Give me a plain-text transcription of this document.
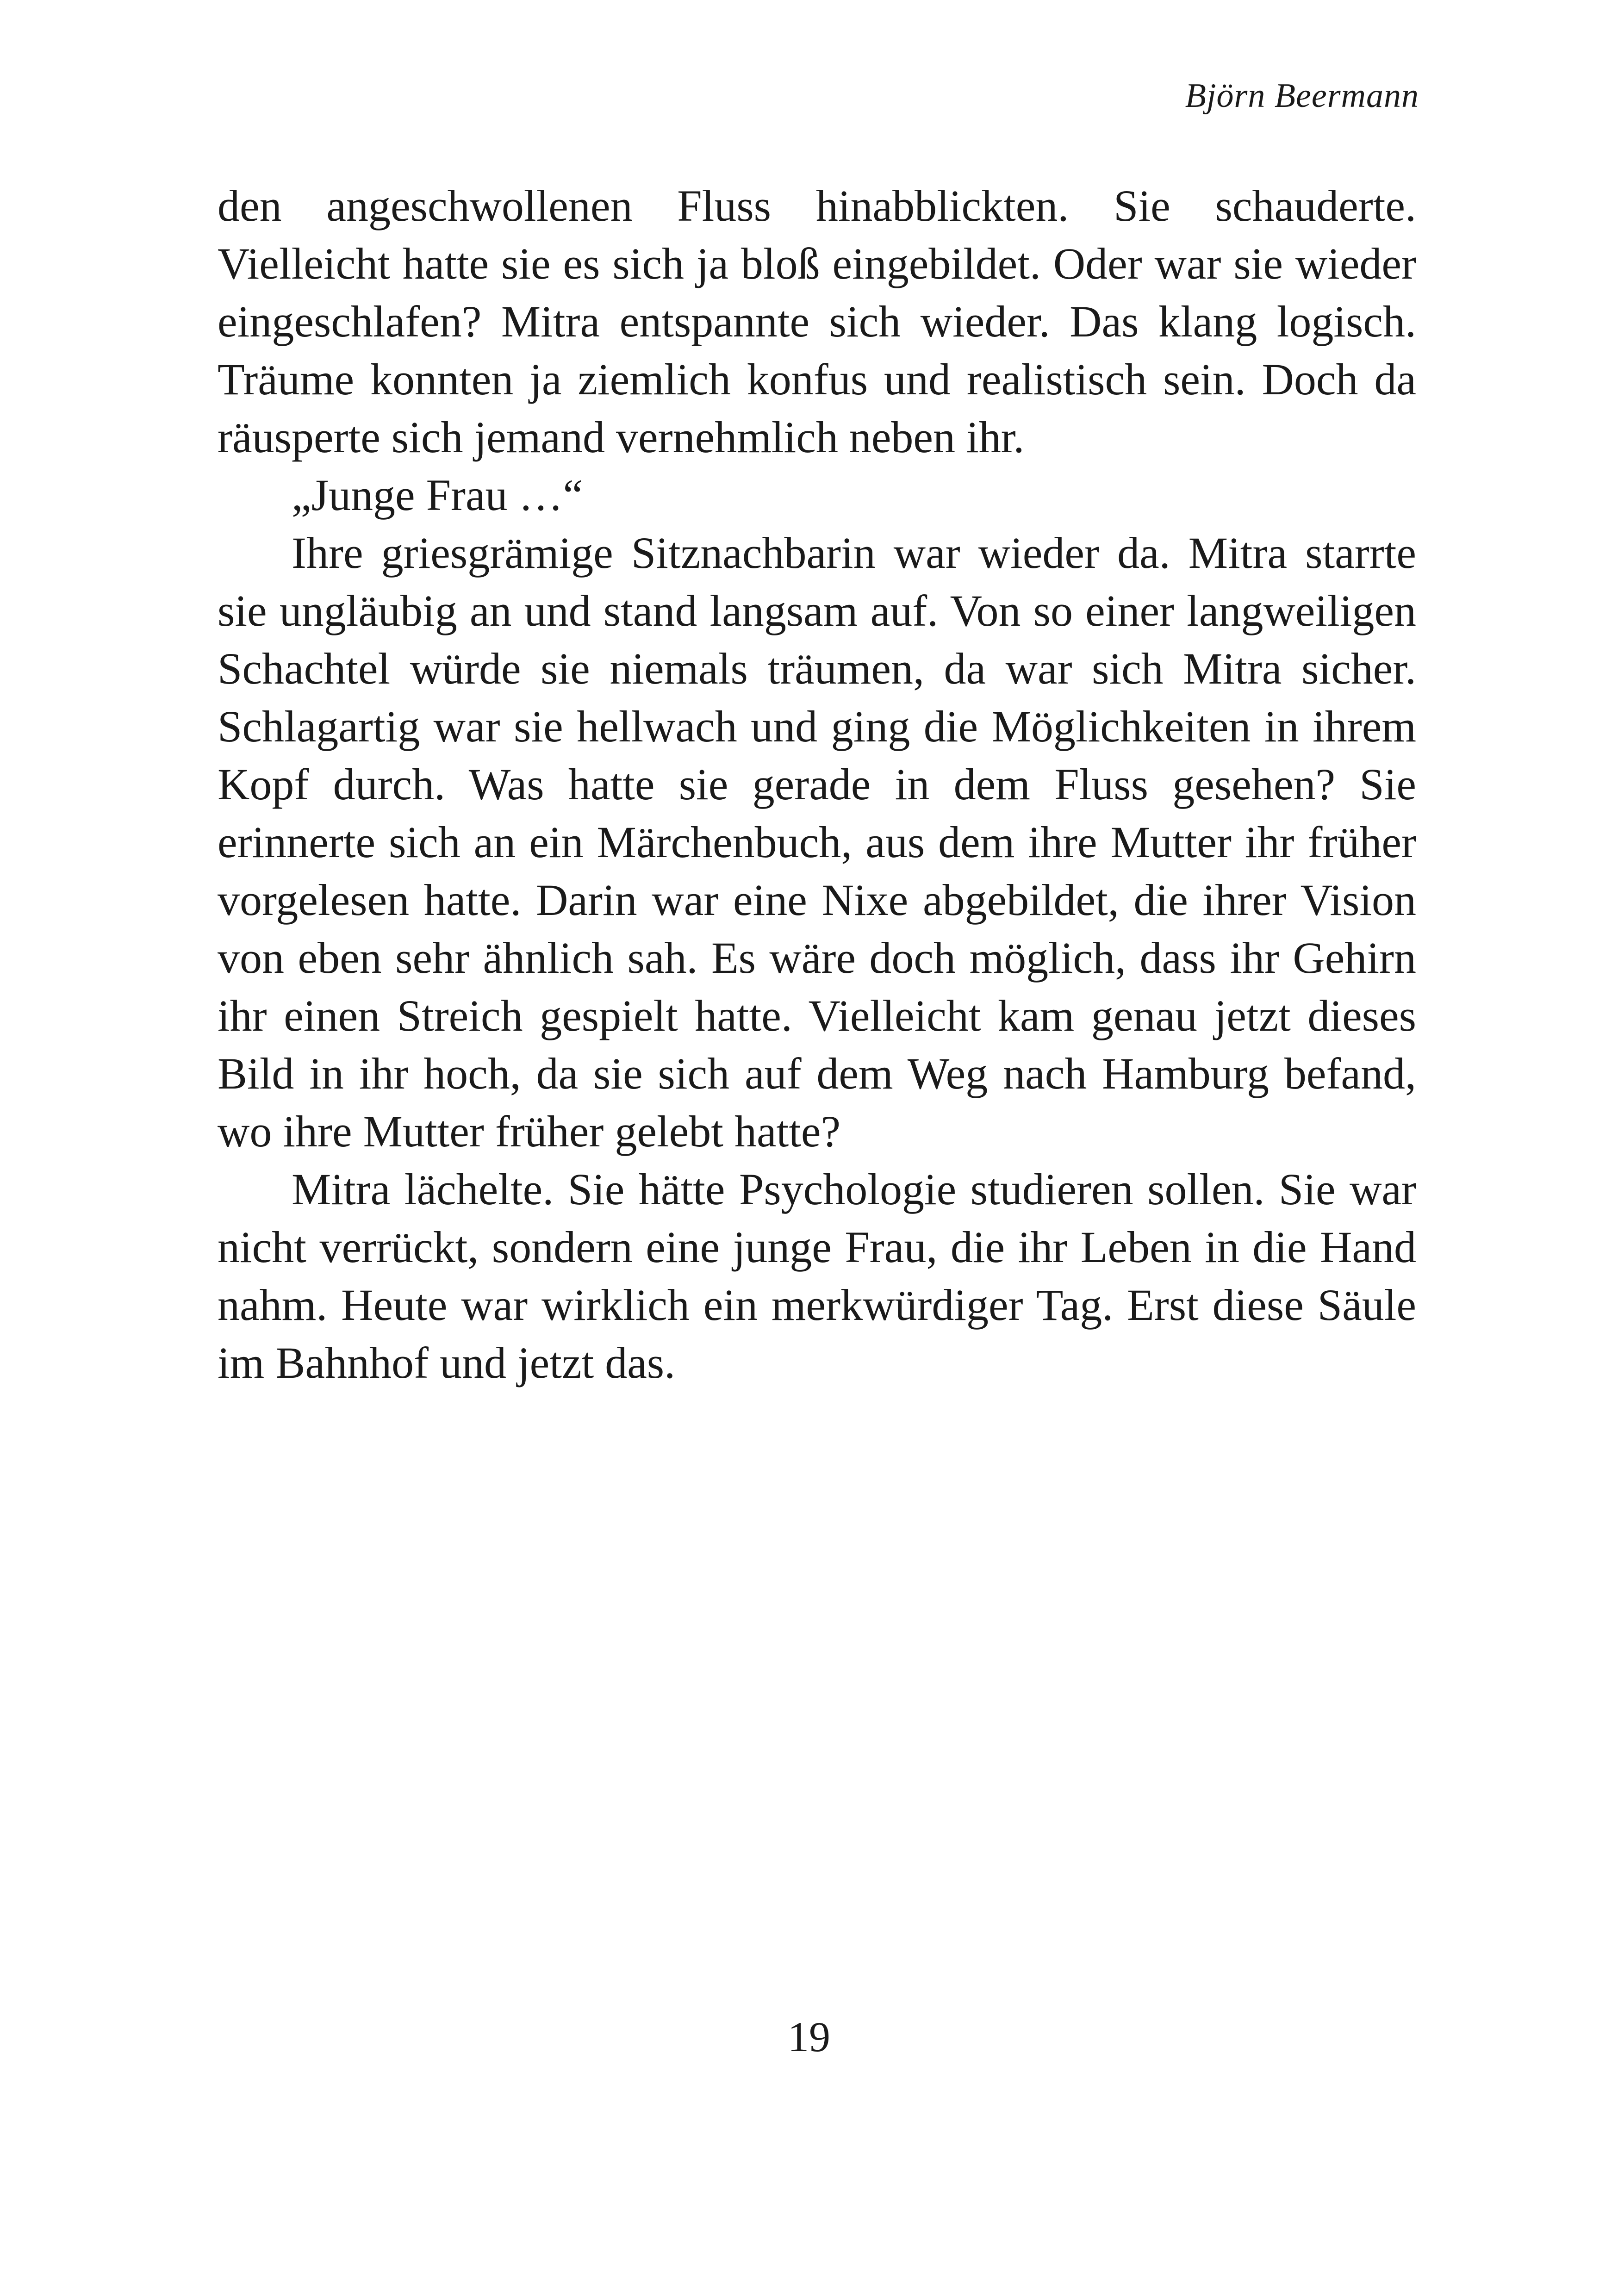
Björn Beermann

den angeschwollenen Fluss hinabblickten. Sie schauderte. Vielleicht hatte sie es sich ja bloß eingebildet. Oder war sie wieder eingeschlafen? Mitra entspannte sich wieder. Das klang logisch. Träume konnten ja ziemlich konfus und realistisch sein. Doch da räusperte sich jemand vernehmlich neben ihr.

„Junge Frau …“

Ihre griesgrämige Sitznachbarin war wieder da. Mitra starrte sie ungläubig an und stand langsam auf. Von so einer langweiligen Schachtel würde sie niemals träumen, da war sich Mitra sicher. Schlagartig war sie hellwach und ging die Möglichkeiten in ihrem Kopf durch. Was hatte sie gerade in dem Fluss gesehen? Sie erinnerte sich an ein Märchenbuch, aus dem ihre Mutter ihr früher vorgelesen hatte. Darin war eine Nixe abgebildet, die ihrer Vision von eben sehr ähnlich sah. Es wäre doch möglich, dass ihr Gehirn ihr einen Streich gespielt hatte. Vielleicht kam genau jetzt dieses Bild in ihr hoch, da sie sich auf dem Weg nach Hamburg befand, wo ihre Mutter früher gelebt hatte?

Mitra lächelte. Sie hätte Psychologie studieren sollen. Sie war nicht verrückt, sondern eine junge Frau, die ihr Leben in die Hand nahm. Heute war wirklich ein merkwürdiger Tag. Erst diese Säule im Bahnhof und jetzt das.

19
